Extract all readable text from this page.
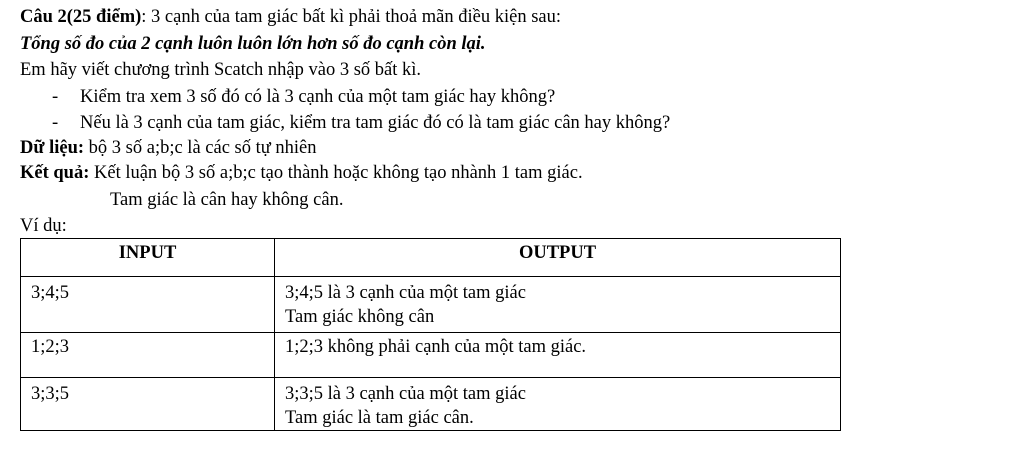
Câu 2(25 điểm): 3 cạnh của tam giác bất kì phải thoả mãn điều kiện sau:
Tổng số đo của 2 cạnh luôn luôn lớn hơn số đo cạnh còn lại.
Em hãy viết chương trình Scatch nhập vào 3 số bất kì.
- Kiểm tra xem 3 số đó có là 3 cạnh của một tam giác hay không?
- Nếu là 3 cạnh của tam giác, kiểm tra tam giác đó có là tam giác cân hay không?
Dữ liệu: bộ 3 số a;b;c là các số tự nhiên
Kết quả: Kết luận bộ 3 số a;b;c tạo thành hoặc không tạo nhành 1 tam giác.
Tam giác là cân hay không cân.
Ví dụ:
INPUT	OUTPUT
3;4;5	3;4;5 là 3 cạnh của một tam giác
Tam giác không cân

1;2;3	1;2;3 không phải cạnh của một tam giác.

3;3;5	3;3;5 là 3 cạnh của một tam giác
Tam giác là tam giác cân.
